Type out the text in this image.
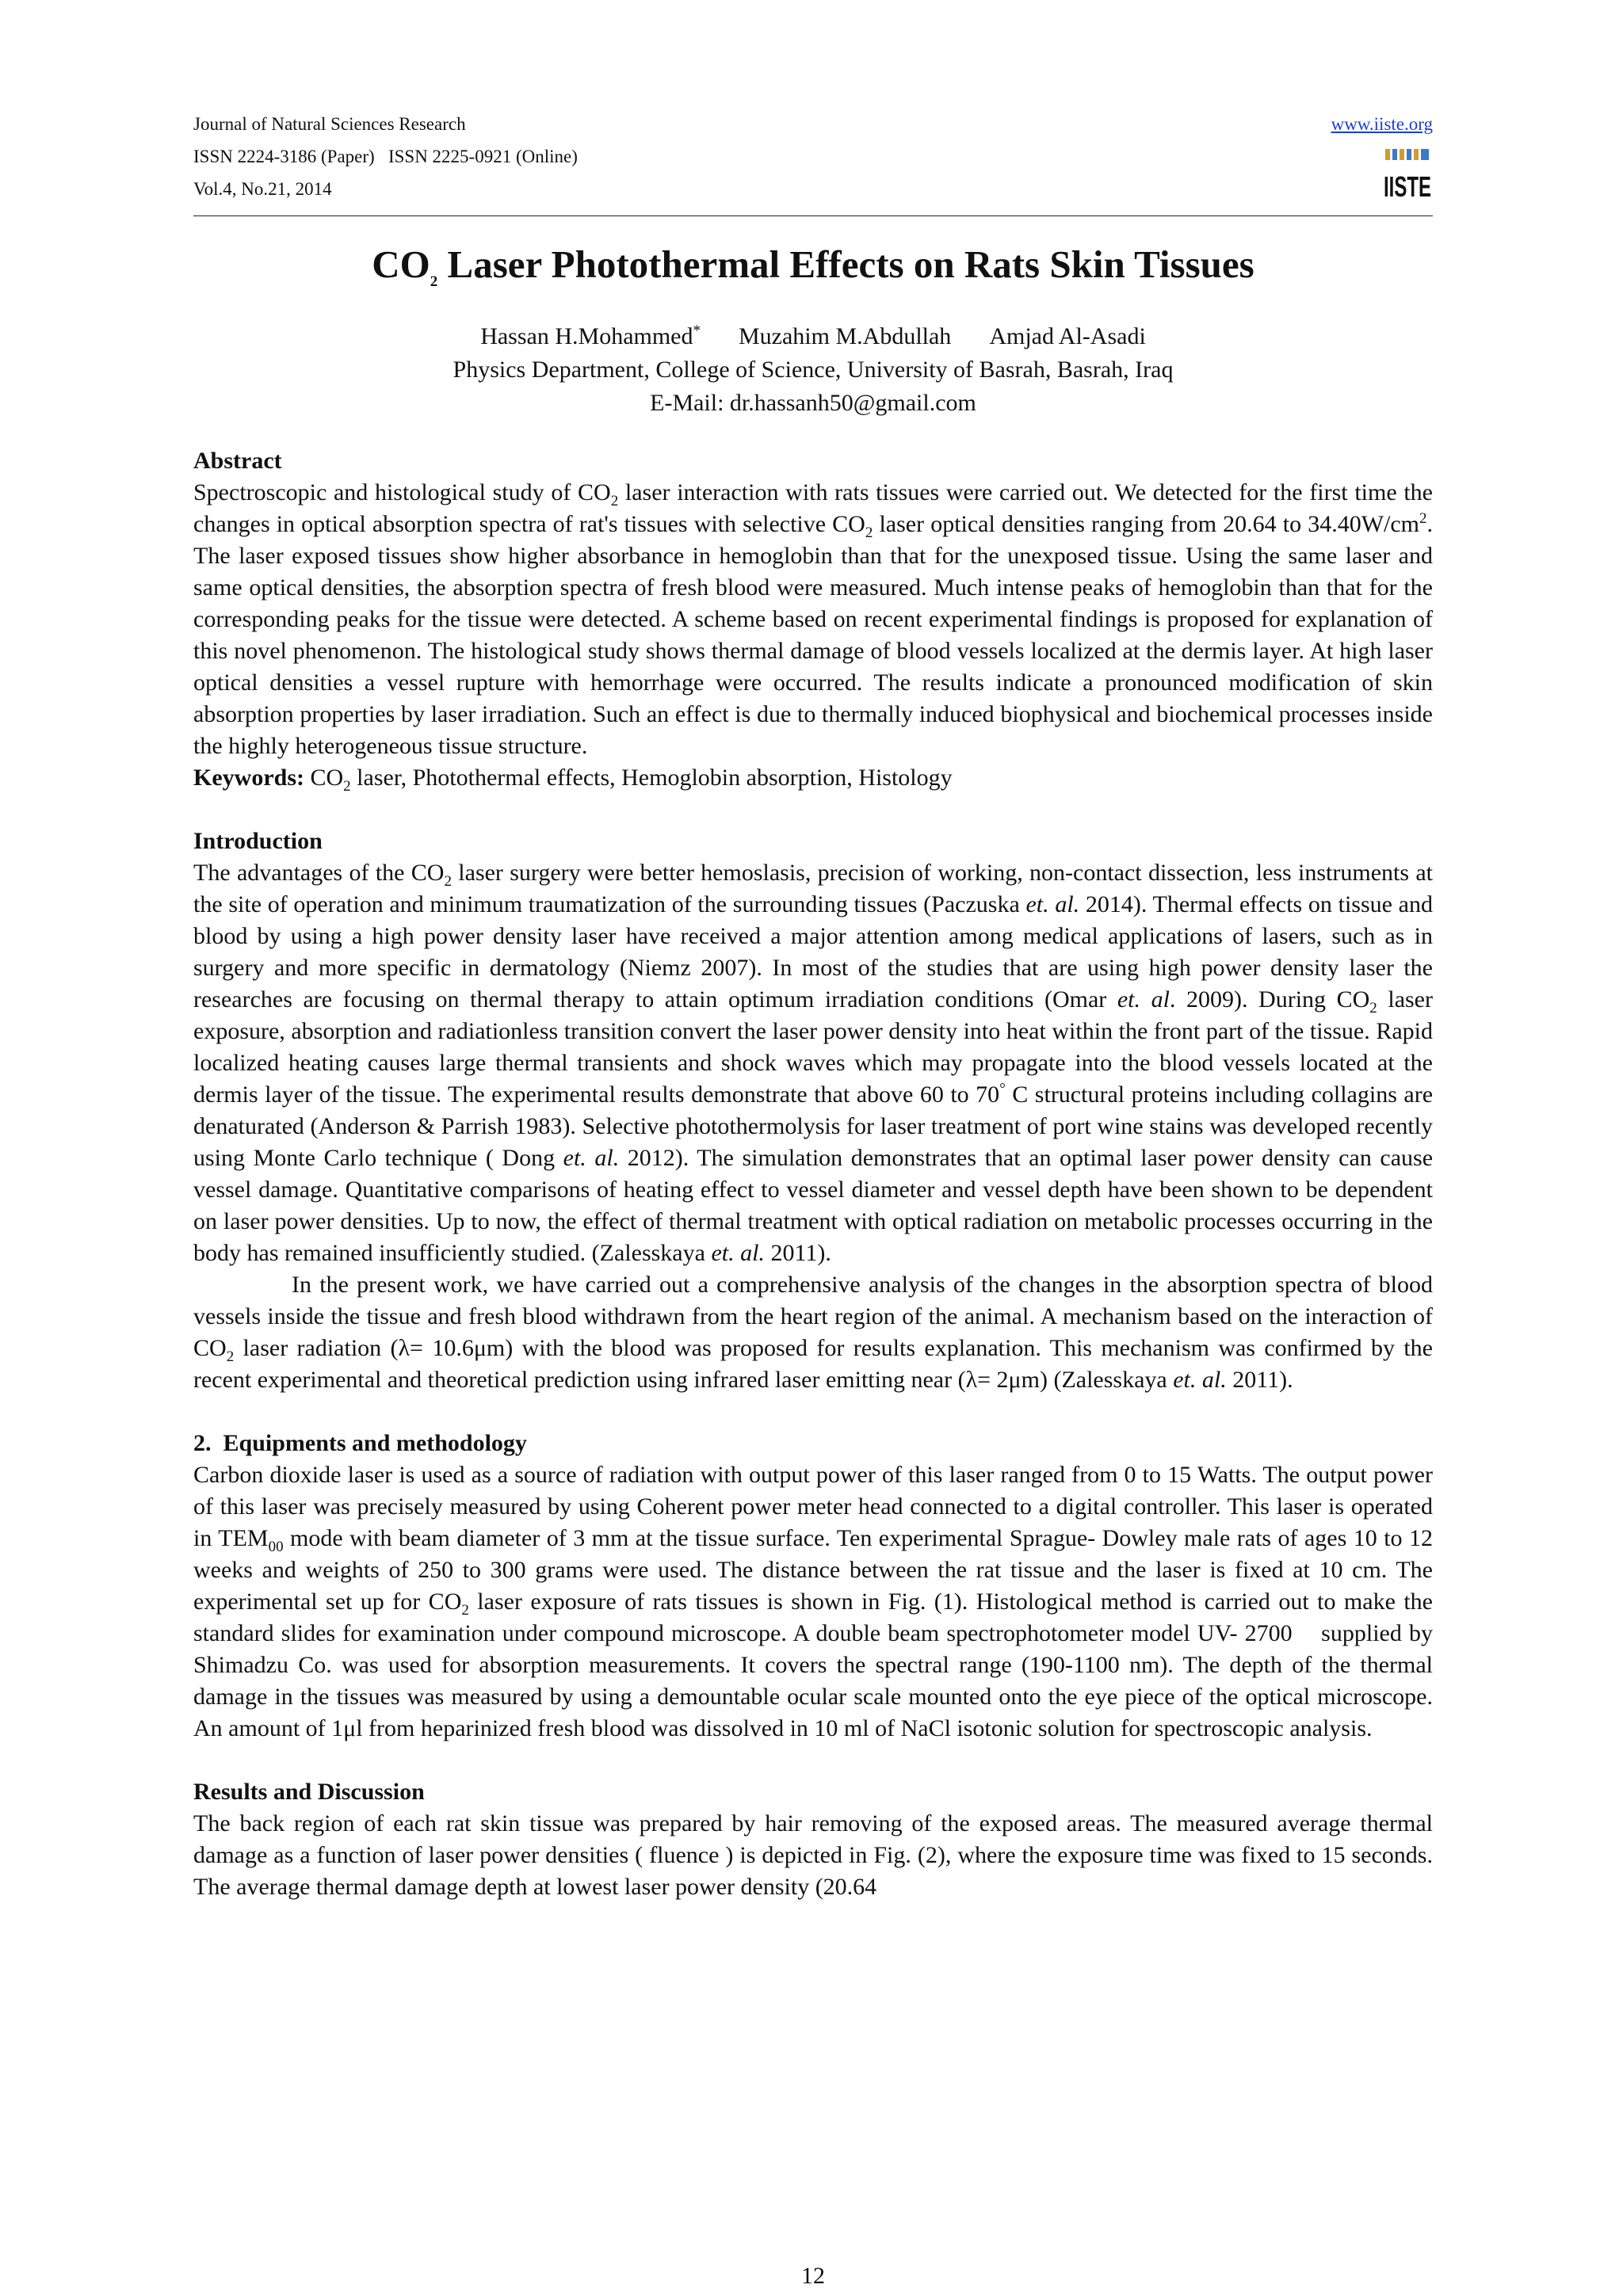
Journal of Natural Sciences Research
ISSN 2224-3186 (Paper)   ISSN 2225-0921 (Online)
Vol.4, No.21, 2014
www.iiste.org
IISTE
$CO_2$ Laser Photothermal Effects on Rats Skin Tissues
Hassan H.Mohammed* Muzahim M.Abdullah Amjad Al-Asadi
Physics Department, College of Science, University of Basrah, Basrah, Iraq
E-Mail: dr.hassanh50@gmail.com

Abstract

Spectroscopic and histological study of $CO_2$ laser interaction with rats tissues were carried out. We detected for the first time the changes in optical absorption spectra of rat's tissues with selective $CO_2$ laser optical densities ranging from 20.64 to $34.40W/cm^2$. The laser exposed tissues show higher absorbance in hemoglobin than that for the unexposed tissue. Using the same laser and same optical densities, the absorption spectra of fresh blood were measured. Much intense peaks of hemoglobin than that for the corresponding peaks for the tissue were detected. A scheme based on recent experimental findings is proposed for explanation of this novel phenomenon. The histological study shows thermal damage of blood vessels localized at the dermis layer. At high laser optical densities a vessel rupture with hemorrhage were occurred. The results indicate a pronounced modification of skin absorption properties by laser irradiation. Such an effect is due to thermally induced biophysical and biochemical processes inside the highly heterogeneous tissue structure.

Keywords: $CO_2$ laser, Photothermal effects, Hemoglobin absorption, Histology

Introduction

The advantages of the $CO_2$ laser surgery were better hemoslasis, precision of working, non-contact dissection, less instruments at the site of operation and minimum traumatization of the surrounding tissues (Paczuska et. al. 2014). Thermal effects on tissue and blood by using a high power density laser have received a major attention among medical applications of lasers, such as in surgery and more specific in dermatology (Niemz 2007). In most of the studies that are using high power density laser the researches are focusing on thermal therapy to attain optimum irradiation conditions (Omar et. al. 2009). During $CO_2$ laser exposure, absorption and radiationless transition convert the laser power density into heat within the front part of the tissue. Rapid localized heating causes large thermal transients and shock waves which may propagate into the blood vessels located at the dermis layer of the tissue. The experimental results demonstrate that above 60 to 70° C structural proteins including collagins are denaturated (Anderson & Parrish 1983). Selective photothermolysis for laser treatment of port wine stains was developed recently using Monte Carlo technique ( Dong et. al. 2012). The simulation demonstrates that an optimal laser power density can cause vessel damage. Quantitative comparisons of heating effect to vessel diameter and vessel depth have been shown to be dependent on laser power densities. Up to now, the effect of thermal treatment with optical radiation on metabolic processes occurring in the body has remained insufficiently studied. (Zalesskaya et. al. 2011).

In the present work, we have carried out a comprehensive analysis of the changes in the absorption spectra of blood vessels inside the tissue and fresh blood withdrawn from the heart region of the animal. A mechanism based on the interaction of $CO_2$ laser radiation (λ= 10.6μm) with the blood was proposed for results explanation. This mechanism was confirmed by the recent experimental and theoretical prediction using infrared laser emitting near (λ= 2μm) (Zalesskaya et. al. 2011).

2.  Equipments and methodology

Carbon dioxide laser is used as a source of radiation with output power of this laser ranged from 0 to 15 Watts. The output power of this laser was precisely measured by using Coherent power meter head connected to a digital controller. This laser is operated in $TEM_{00}$ mode with beam diameter of 3 mm at the tissue surface. Ten experimental Sprague- Dowley male rats of ages 10 to 12 weeks and weights of 250 to 300 grams were used. The distance between the rat tissue and the laser is fixed at 10 cm. The experimental set up for $CO_2$ laser exposure of rats tissues is shown in Fig. (1). Histological method is carried out to make the standard slides for examination under compound microscope. A double beam spectrophotometer model UV- 2700    supplied by Shimadzu Co. was used for absorption measurements. It covers the spectral range (190-1100 nm). The depth of the thermal damage in the tissues was measured by using a demountable ocular scale mounted onto the eye piece of the optical microscope. An amount of 1μl from heparinized fresh blood was dissolved in 10 ml of NaCl isotonic solution for spectroscopic analysis.

Results and Discussion

The back region of each rat skin tissue was prepared by hair removing of the exposed areas. The measured average thermal damage as a function of laser power densities ( fluence ) is depicted in Fig. (2), where the exposure time was fixed to 15 seconds. The average thermal damage depth at lowest laser power density (20.64

12
